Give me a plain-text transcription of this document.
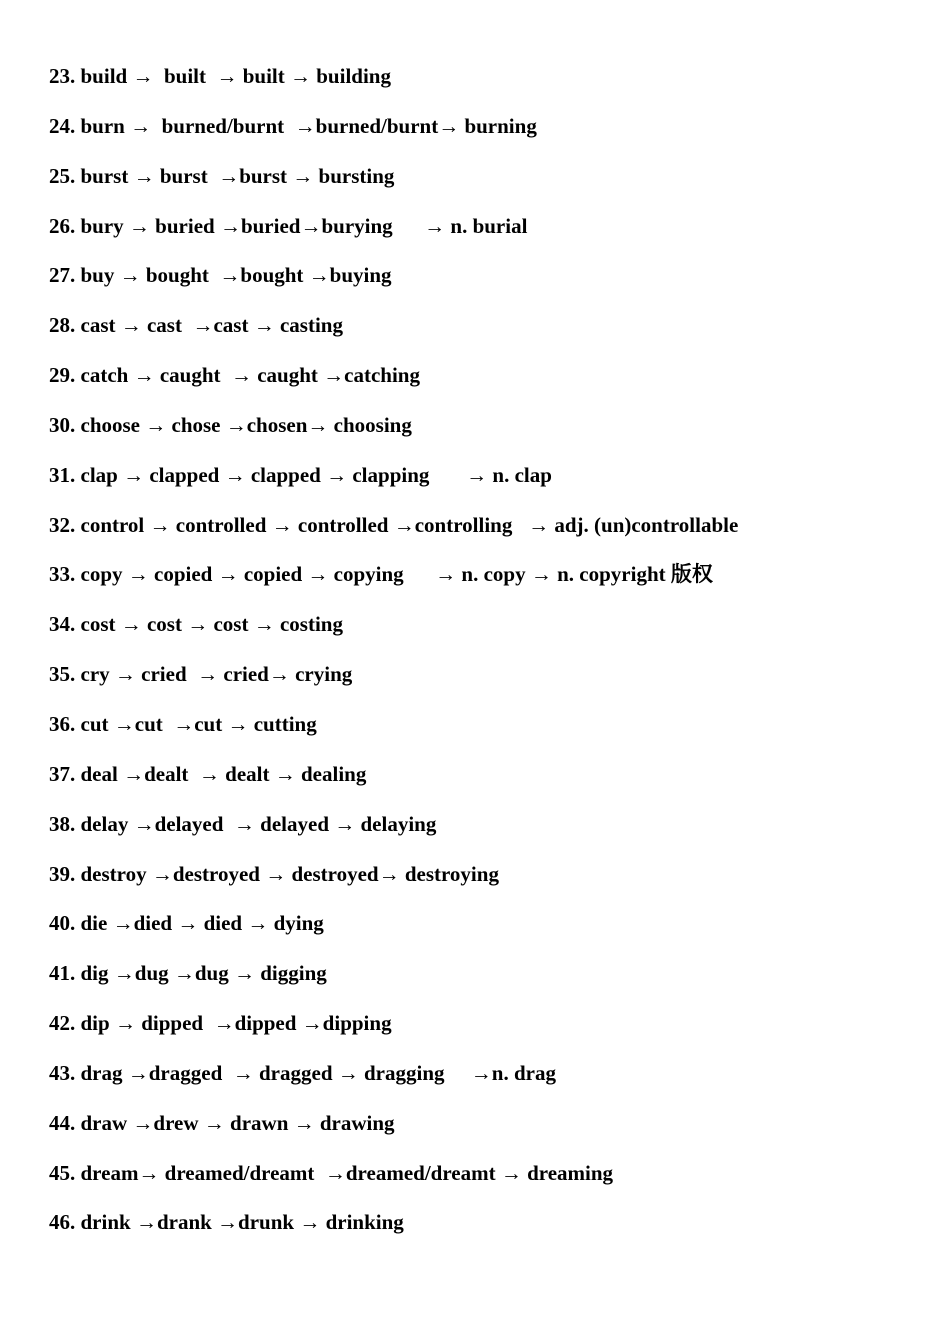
23. build →  built  → built → building
24. burn →  burned/burnt  →burned/burnt→ burning
25. burst → burst  →burst → bursting
26. bury → buried →buried→burying      → n. burial
27. buy → bought  →bought →buying
28. cast → cast  →cast → casting
29. catch → caught  → caught →catching
30. choose → chose →chosen→ choosing
31. clap → clapped → clapped → clapping       → n. clap
32. control → controlled → controlled →controlling   → adj. (un)controllable
33. copy → copied → copied → copying      → n. copy → n. copyright 版权
34. cost → cost → cost → costing
35. cry → cried  → cried→ crying
36. cut →cut  →cut → cutting
37. deal →dealt  → dealt → dealing
38. delay →delayed  → delayed → delaying
39. destroy →destroyed → destroyed→ destroying
40. die →died → died → dying
41. dig →dug →dug → digging
42. dip → dipped  →dipped →dipping
43. drag →dragged  → dragged → dragging     →n. drag
44. draw →drew → drawn → drawing
45. dream→ dreamed/dreamt  →dreamed/dreamt → dreaming
46. drink →drank →drunk → drinking
